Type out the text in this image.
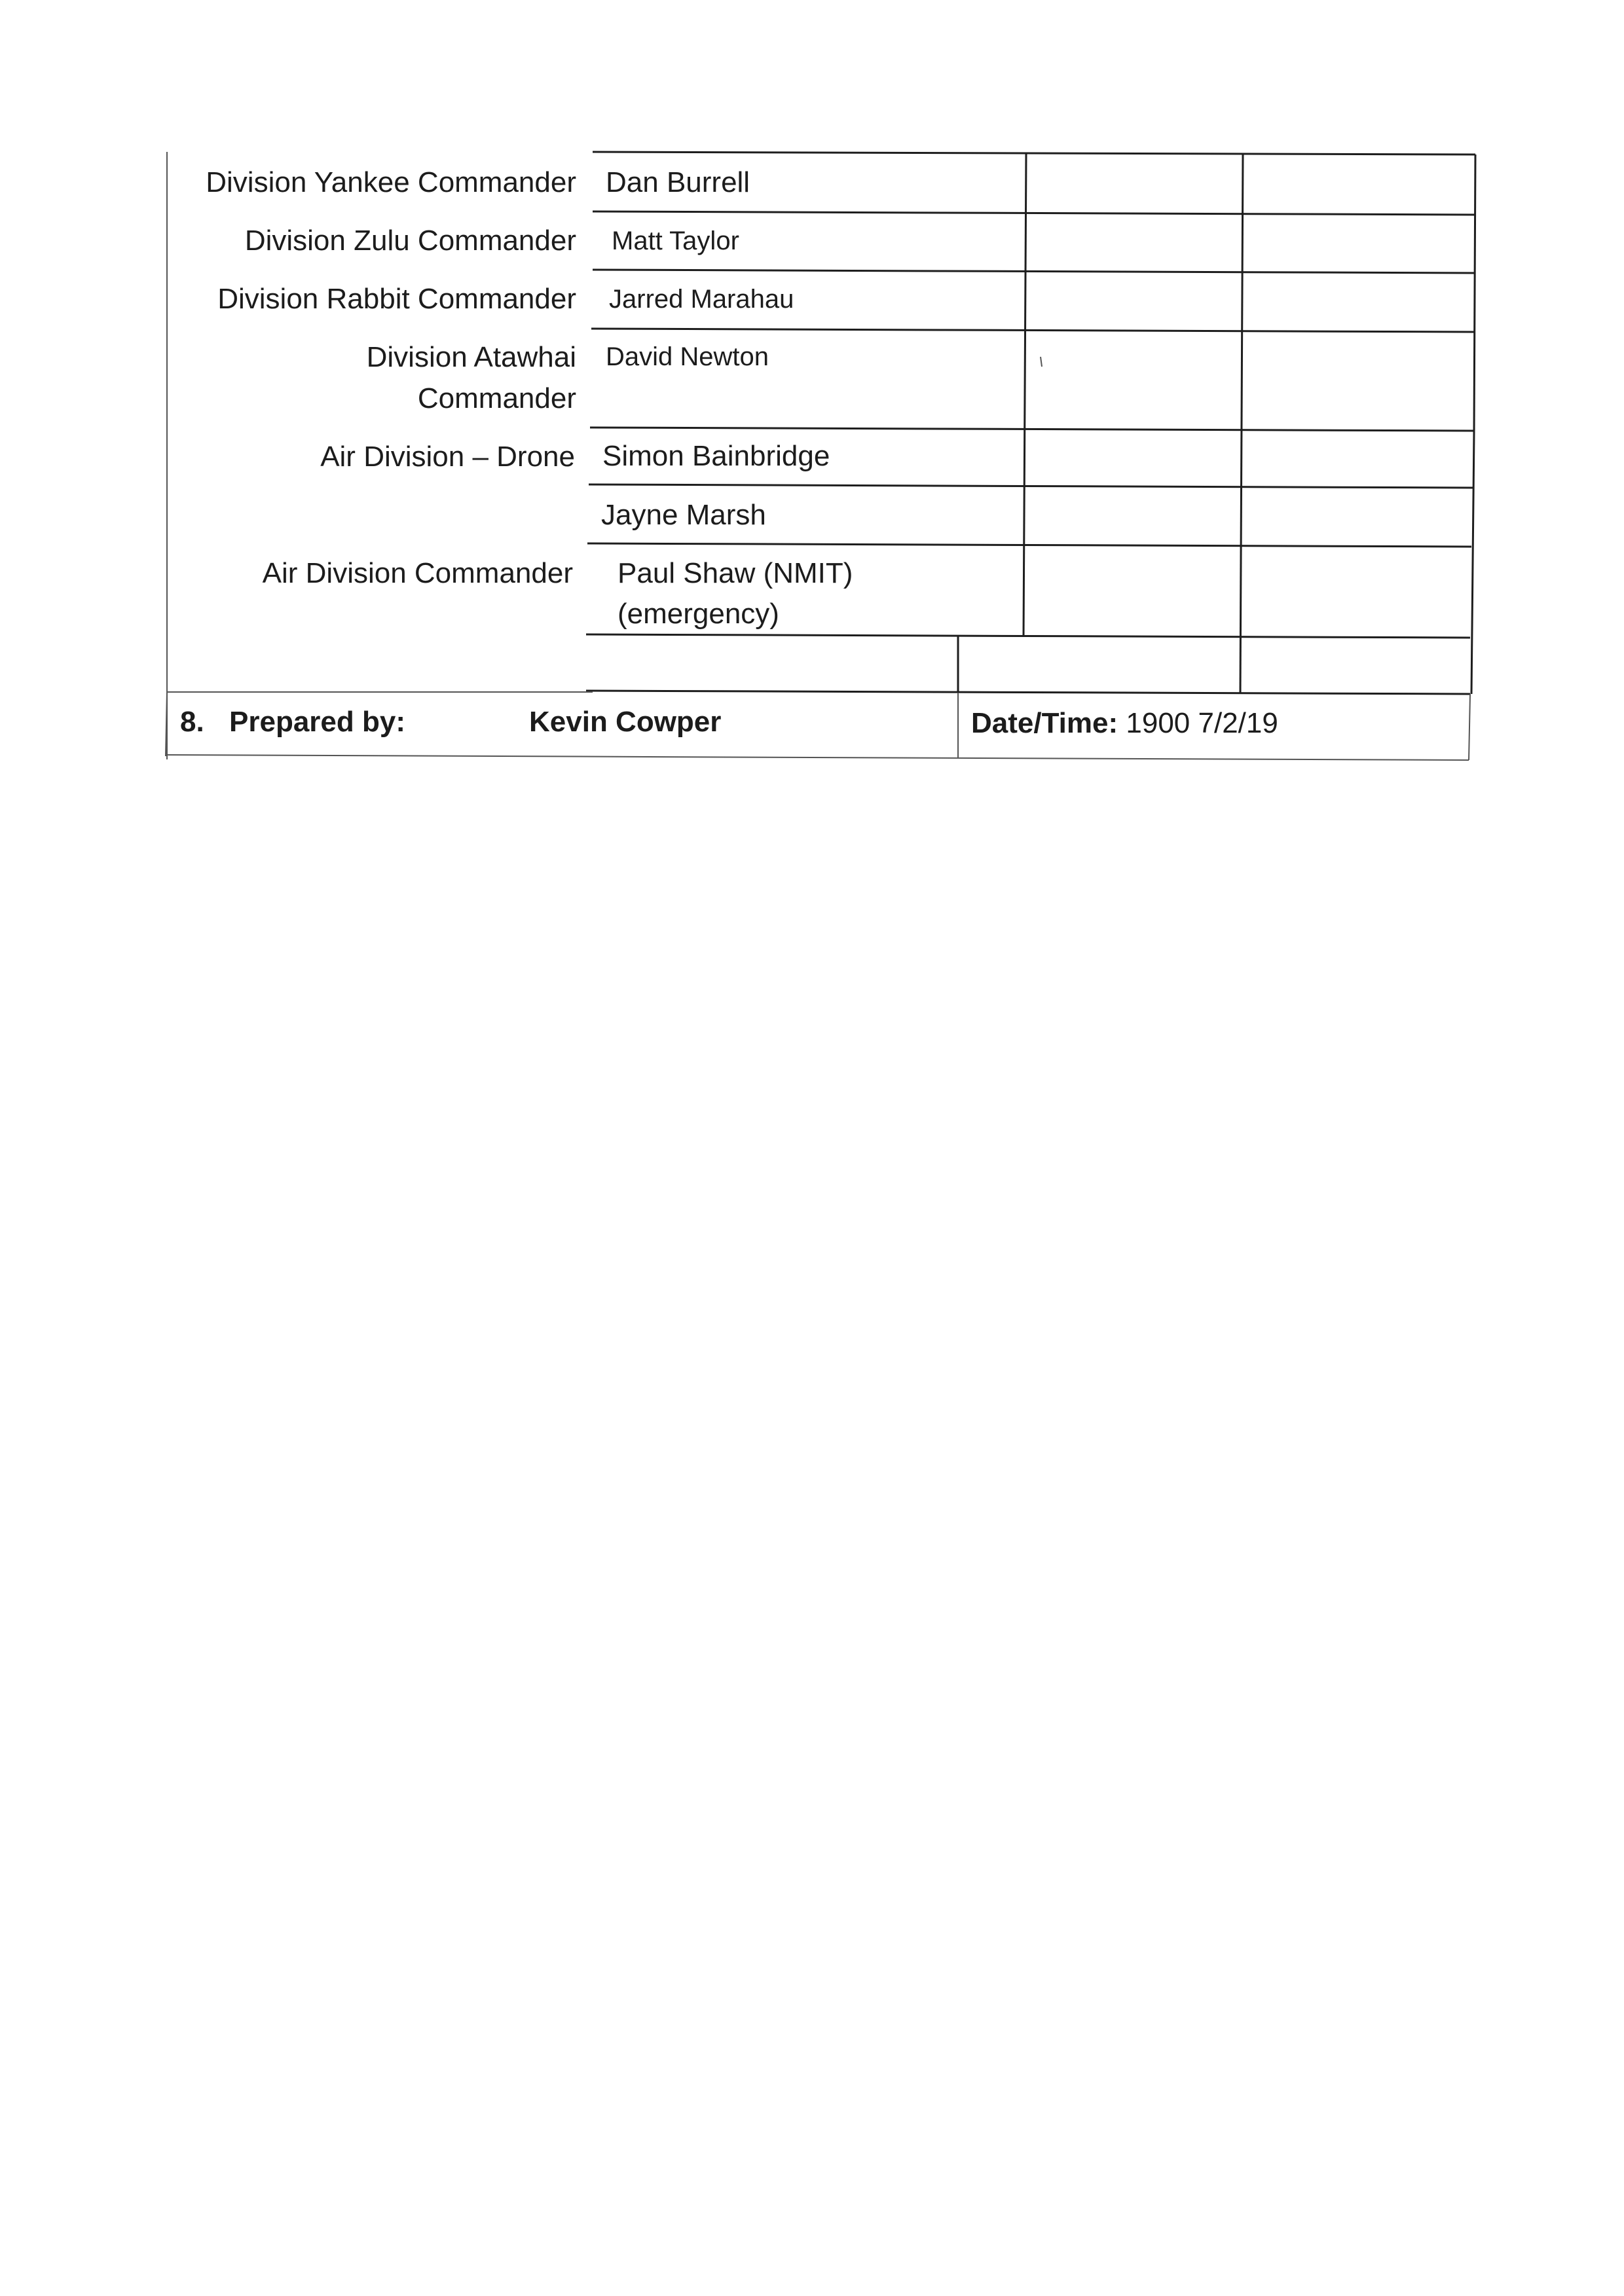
Division Yankee Commander
Division Zulu Commander
Division Rabbit Commander
Division Atawhai
Commander
Air Division – Drone
Air Division Commander
Dan Burrell
Matt Taylor
Jarred Marahau
David Newton
Simon Bainbridge
Jayne Marsh
Paul Shaw (NMIT)
(emergency)
8. Prepared by:	Kevin Cowper	Date/Time: 1900 7/2/19
